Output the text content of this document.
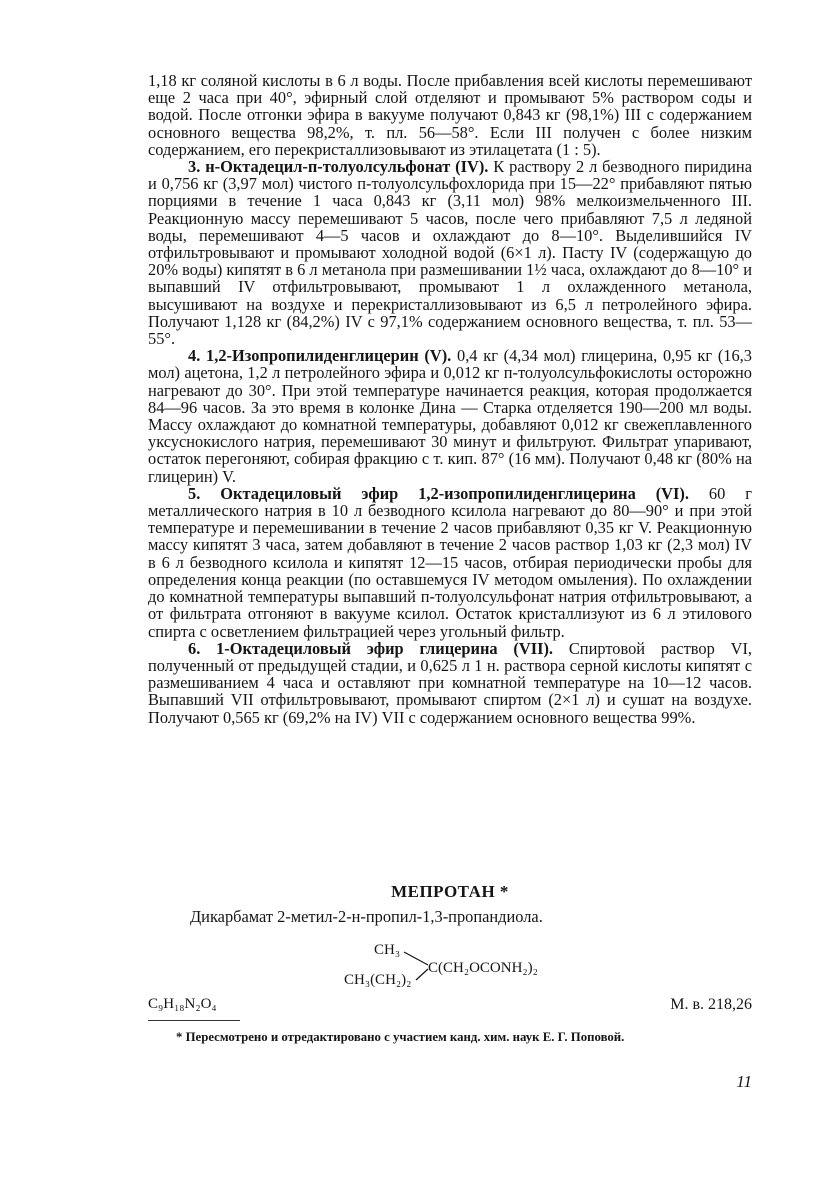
1,18 кг соляной кислоты в 6 л воды. После прибавления всей кислоты перемешивают еще 2 часа при 40°, эфирный слой отделяют и промывают 5% раствором соды и водой. После отгонки эфира в вакууме получают 0,843 кг (98,1%) III с содержанием основного вещества 98,2%, т. пл. 56—58°. Если III получен с более низким содержанием, его перекристаллизовывают из этилацетата (1 : 5).

3. н-Октадецил-п-толуолсульфонат (IV). К раствору 2 л безводного пиридина и 0,756 кг (3,97 мол) чистого п-толуолсульфохлорида при 15—22° прибавляют пятью порциями в течение 1 часа 0,843 кг (3,11 мол) 98% мелкоизмельченного III. Реакционную массу перемешивают 5 часов, после чего прибавляют 7,5 л ледяной воды, перемешивают 4—5 часов и охлаждают до 8—10°. Выделившийся IV отфильтровывают и промывают холодной водой (6×1 л). Пасту IV (содержащую до 20% воды) кипятят в 6 л метанола при размешивании 1½ часа, охлаждают до 8—10° и выпавший IV отфильтровывают, промывают 1 л охлажденного метанола, высушивают на воздухе и перекристаллизовывают из 6,5 л петролейного эфира. Получают 1,128 кг (84,2%) IV с 97,1% содержанием основного вещества, т. пл. 53—55°.

4. 1,2-Изопропилиденглицерин (V). 0,4 кг (4,34 мол) глицерина, 0,95 кг (16,3 мол) ацетона, 1,2 л петролейного эфира и 0,012 кг п-толуолсульфокислоты осторожно нагревают до 30°. При этой температуре начинается реакция, которая продолжается 84—96 часов. За это время в колонке Дина — Старка отделяется 190—200 мл воды. Массу охлаждают до комнатной температуры, добавляют 0,012 кг свежеплавленного уксуснокислого натрия, перемешивают 30 минут и фильтруют. Фильтрат упаривают, остаток перегоняют, собирая фракцию с т. кип. 87° (16 мм). Получают 0,48 кг (80% на глицерин) V.

5. Октадециловый эфир 1,2-изопропилиденглицерина (VI). 60 г металлического натрия в 10 л безводного ксилола нагревают до 80—90° и при этой температуре и перемешивании в течение 2 часов прибавляют 0,35 кг V. Реакционную массу кипятят 3 часа, затем добавляют в течение 2 часов раствор 1,03 кг (2,3 мол) IV в 6 л безводного ксилола и кипятят 12—15 часов, отбирая периодически пробы для определения конца реакции (по оставшемуся IV методом омыления). По охлаждении до комнатной температуры выпавший п-толуолсульфонат натрия отфильтровывают, а от фильтрата отгоняют в вакууме ксилол. Остаток кристаллизуют из 6 л этилового спирта с осветлением фильтрацией через угольный фильтр.

6. 1-Октадециловый эфир глицерина (VII). Спиртовой раствор VI, полученный от предыдущей стадии, и 0,625 л 1 н. раствора серной кислоты кипятят с размешиванием 4 часа и оставляют при комнатной температуре на 10—12 часов. Выпавший VII отфильтровывают, промывают спиртом (2×1 л) и сушат на воздухе. Получают 0,565 кг (69,2% на IV) VII с содержанием основного вещества 99%.

МЕПРОТАН *

Дикарбамат 2-метил-2-н-пропил-1,3-пропандиола.

CH₃
CH₃(CH₂)₂
C(CH₂OCONH₂)₂
C₉H₁₈N₂O₄	М. в. 218,26

* Пересмотрено и отредактировано с участием канд. хим. наук Е. Г. Поповой.

11
